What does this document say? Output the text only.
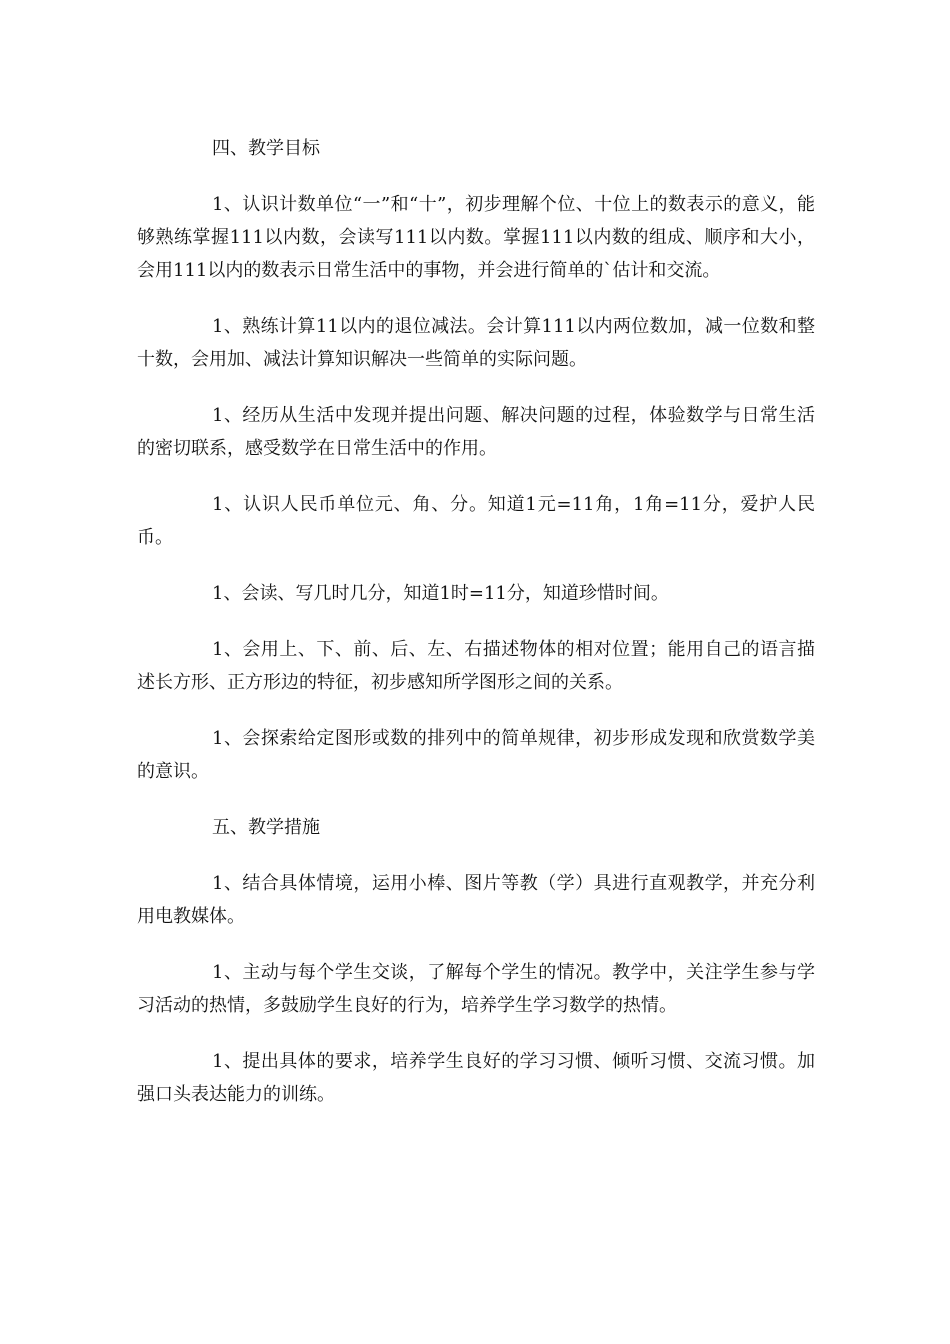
四、教学目标

1、认识计数单位“一”和“十”，初步理解个位、十位上的数表示的意义，能够熟练掌握111以内数，会读写111以内数。掌握111以内数的组成、顺序和大小，会用111以内的数表示日常生活中的事物，并会进行简单的`估计和交流。

1、熟练计算11以内的退位减法。会计算111以内两位数加，减一位数和整十数，会用加、减法计算知识解决一些简单的实际问题。

1、经历从生活中发现并提出问题、解决问题的过程，体验数学与日常生活的密切联系，感受数学在日常生活中的作用。

1、认识人民币单位元、角、分。知道1元=11角，1角=11分，爱护人民币。

1、会读、写几时几分，知道1时=11分，知道珍惜时间。

1、会用上、下、前、后、左、右描述物体的相对位置；能用自己的语言描述长方形、正方形边的特征，初步感知所学图形之间的关系。

1、会探索给定图形或数的排列中的简单规律，初步形成发现和欣赏数学美的意识。

五、教学措施

1、结合具体情境，运用小棒、图片等教（学）具进行直观教学，并充分利用电教媒体。

1、主动与每个学生交谈，了解每个学生的情况。教学中，关注学生参与学习活动的热情，多鼓励学生良好的行为，培养学生学习数学的热情。

1、提出具体的要求，培养学生良好的学习习惯、倾听习惯、交流习惯。加强口头表达能力的训练。
